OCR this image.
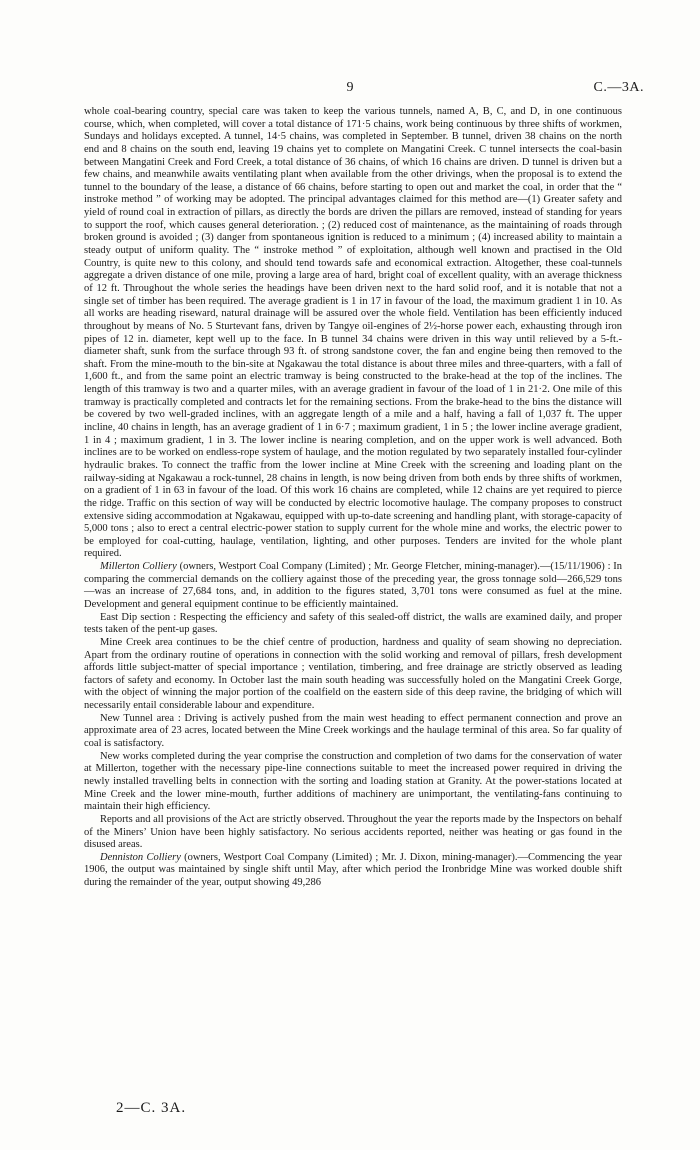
9	C.—3A.

whole coal-bearing country, special care was taken to keep the various tunnels, named A, B, C, and D, in one continuous course, which, when completed, will cover a total distance of 171·5 chains, work being continuous by three shifts of workmen, Sundays and holidays excepted. A tunnel, 14·5 chains, was completed in September. B tunnel, driven 38 chains on the north end and 8 chains on the south end, leaving 19 chains yet to complete on Mangatini Creek. C tunnel intersects the coal-basin between Mangatini Creek and Ford Creek, a total distance of 36 chains, of which 16 chains are driven. D tunnel is driven but a few chains, and meanwhile awaits ventilating plant when available from the other drivings, when the proposal is to extend the tunnel to the boundary of the lease, a distance of 66 chains, before starting to open out and market the coal, in order that the “ instroke method ” of working may be adopted. The principal advantages claimed for this method are—(1) Greater safety and yield of round coal in extraction of pillars, as directly the bords are driven the pillars are removed, instead of standing for years to support the roof, which causes general deterioration. ; (2) reduced cost of maintenance, as the maintaining of roads through broken ground is avoided ; (3) danger from spontaneous ignition is reduced to a minimum ; (4) increased ability to maintain a steady output of uniform quality. The “ instroke method ” of exploitation, although well known and practised in the Old Country, is quite new to this colony, and should tend towards safe and economical extraction. Altogether, these coal-tunnels aggregate a driven distance of one mile, proving a large area of hard, bright coal of excellent quality, with an average thickness of 12 ft. Throughout the whole series the headings have been driven next to the hard solid roof, and it is notable that not a single set of timber has been required. The average gradient is 1 in 17 in favour of the load, the maximum gradient 1 in 10. As all works are heading riseward, natural drainage will be assured over the whole field. Ventilation has been efficiently induced throughout by means of No. 5 Sturtevant fans, driven by Tangye oil-engines of 2½-horse power each, exhausting through iron pipes of 12 in. diameter, kept well up to the face. In B tunnel 34 chains were driven in this way until relieved by a 5-ft.-diameter shaft, sunk from the surface through 93 ft. of strong sandstone cover, the fan and engine being then removed to the shaft. From the mine-mouth to the bin-site at Ngakawau the total distance is about three miles and three-quarters, with a fall of 1,600 ft., and from the same point an electric tramway is being constructed to the brake-head at the top of the inclines. The length of this tramway is two and a quarter miles, with an average gradient in favour of the load of 1 in 21·2. One mile of this tramway is practically completed and contracts let for the remaining sections. From the brake-head to the bins the distance will be covered by two well-graded inclines, with an aggregate length of a mile and a half, having a fall of 1,037 ft. The upper incline, 40 chains in length, has an average gradient of 1 in 6·7 ; maximum gradient, 1 in 5 ; the lower incline average gradient, 1 in 4 ; maximum gradient, 1 in 3. The lower incline is nearing completion, and on the upper work is well advanced. Both inclines are to be worked on endless-rope system of haulage, and the motion regulated by two separately installed four-cylinder hydraulic brakes. To connect the traffic from the lower incline at Mine Creek with the screening and loading plant on the railway-siding at Ngakawau a rock-tunnel, 28 chains in length, is now being driven from both ends by three shifts of workmen, on a gradient of 1 in 63 in favour of the load. Of this work 16 chains are completed, while 12 chains are yet required to pierce the ridge. Traffic on this section of way will be conducted by electric locomotive haulage. The company proposes to construct extensive siding accommodation at Ngakawau, equipped with up-to-date screening and handling plant, with storage-capacity of 5,000 tons ; also to erect a central electric-power station to supply current for the whole mine and works, the electric power to be employed for coal-cutting, haulage, ventilation, lighting, and other purposes. Tenders are invited for the whole plant required.

Millerton Colliery (owners, Westport Coal Company (Limited) ; Mr. George Fletcher, mining-manager).—(15/11/1906) : In comparing the commercial demands on the colliery against those of the preceding year, the gross tonnage sold—266,529 tons—was an increase of 27,684 tons, and, in addition to the figures stated, 3,701 tons were consumed as fuel at the mine. Development and general equipment continue to be efficiently maintained.

East Dip section : Respecting the efficiency and safety of this sealed-off district, the walls are examined daily, and proper tests taken of the pent-up gases.

Mine Creek area continues to be the chief centre of production, hardness and quality of seam showing no depreciation. Apart from the ordinary routine of operations in connection with the solid working and removal of pillars, fresh development affords little subject-matter of special importance ; ventilation, timbering, and free drainage are strictly observed as leading factors of safety and economy. In October last the main south heading was successfully holed on the Mangatini Creek Gorge, with the object of winning the major portion of the coalfield on the eastern side of this deep ravine, the bridging of which will necessarily entail considerable labour and expenditure.

New Tunnel area : Driving is actively pushed from the main west heading to effect permanent connection and prove an approximate area of 23 acres, located between the Mine Creek workings and the haulage terminal of this area. So far quality of coal is satisfactory.

New works completed during the year comprise the construction and completion of two dams for the conservation of water at Millerton, together with the necessary pipe-line connections suitable to meet the increased power required in driving the newly installed travelling belts in connection with the sorting and loading station at Granity. At the power-stations located at Mine Creek and the lower mine-mouth, further additions of machinery are unimportant, the ventilating-fans continuing to maintain their high efficiency.

Reports and all provisions of the Act are strictly observed. Throughout the year the reports made by the Inspectors on behalf of the Miners’ Union have been highly satisfactory. No serious accidents reported, neither was heating or gas found in the disused areas.

Denniston Colliery (owners, Westport Coal Company (Limited) ; Mr. J. Dixon, mining-manager).—Commencing the year 1906, the output was maintained by single shift until May, after which period the Ironbridge Mine was worked double shift during the remainder of the year, output showing 49,286

2—C. 3A.
